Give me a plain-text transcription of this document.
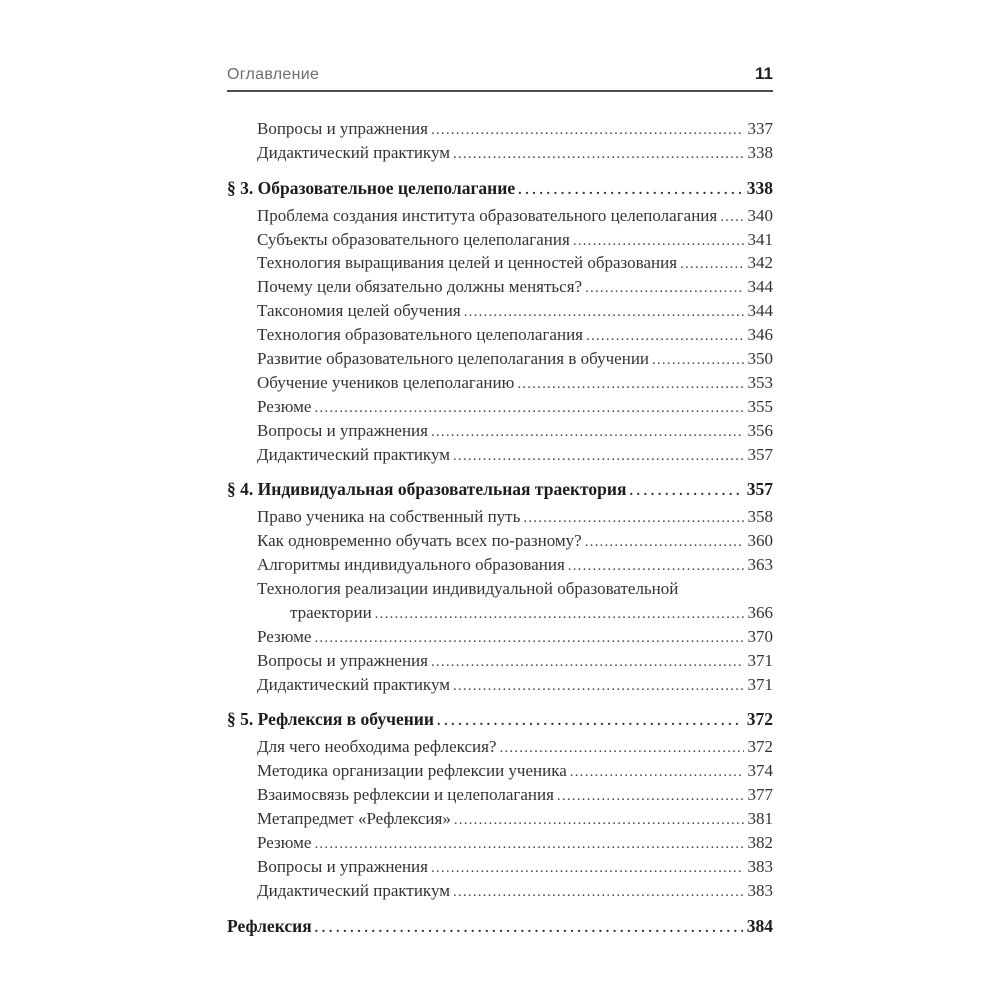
Оглавление	11
Вопросы и упражнения .....	337
Дидактический практикум .....	338
§ 3. Образовательное целеполагание .....	338
Проблема создания института образовательного целеполагания ..... 340
Субъекты образовательного целеполагания .....	341
Технология выращивания целей и ценностей образования .....	342
Почему цели обязательно должны меняться? .....	344
Таксономия целей обучения .....	344
Технология образовательного целеполагания .....	346
Развитие образовательного целеполагания в обучении .....	350
Обучение учеников целеполаганию .....	353
Резюме .....	355
Вопросы и упражнения .....	356
Дидактический практикум .....	357
§ 4. Индивидуальная образовательная траектория .....	357
Право ученика на собственный путь .....	358
Как одновременно обучать всех по-разному? .....	360
Алгоритмы индивидуального образования .....	363
Технология реализации индивидуальной образовательной
траектории .....	366
Резюме .....	370
Вопросы и упражнения .....	371
Дидактический практикум .....	371
§ 5. Рефлексия в обучении .....	372
Для чего необходима рефлексия? .....	372
Методика организации рефлексии ученика .....	374
Взаимосвязь рефлексии и целеполагания .....	377
Метапредмет «Рефлексия» .....	381
Резюме .....	382
Вопросы и упражнения .....	383
Дидактический практикум .....	383
Рефлексия .....	384
